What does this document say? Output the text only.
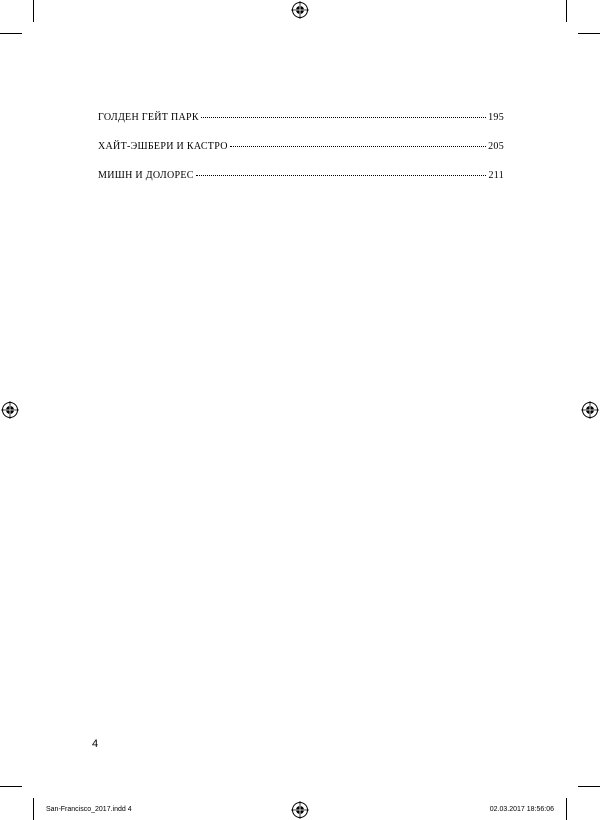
ГОЛДЕН ГЕЙТ ПАРК	195
ХАЙТ-ЭШБЕРИ И КАСТРО	205
МИШН И ДОЛОРЕС	211
4
San-Francisco_2017.indd 4	02.03.2017 18:56:06
